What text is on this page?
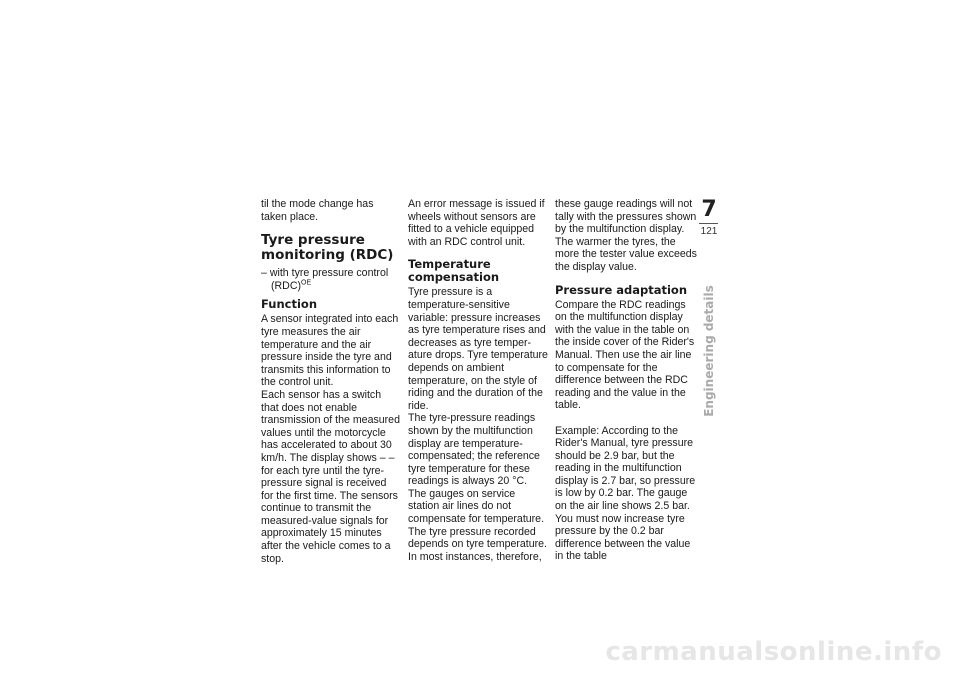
til the mode change has taken place.

Tyre pressure monitoring (RDC)

– with tyre pressure control (RDC)$^{OE}$

Function

A sensor integrated into each tyre measures the air temperature and the air pressure inside the tyre and transmits this information to the control unit.

Each sensor has a switch that does not enable transmission of the measured values until the motorcycle has accelerated to about 30 km/h. The display shows – – for each tyre until the tyre-pressure signal is received for the first time. The sensors continue to transmit the measured-value signals for approximately 15 minutes after the vehicle comes to a stop.

An error message is issued if wheels without sensors are fitted to a vehicle equipped with an RDC control unit.

Temperature compensation

Tyre pressure is a temperature-sensitive variable: pressure increases as tyre temperature rises and decreases as tyre temperature drops. Tyre temperature depends on ambient temperature, on the style of riding and the duration of the ride.

The tyre-pressure readings shown by the multifunction display are temperature-compensated; the reference tyre temperature for these readings is always 20 °C. The gauges on service station air lines do not compensate for temperature. The tyre pressure recorded depends on tyre temperature. In most instances, therefore,

these gauge readings will not tally with the pressures shown by the multifunction display. The warmer the tyres, the more the tester value exceeds the display value.

Pressure adaptation

Compare the RDC readings on the multifunction display with the value in the table on the inside cover of the Rider's Manual. Then use the air line to compensate for the difference between the RDC reading and the value in the table.

Example: According to the Rider's Manual, tyre pressure should be 2.9 bar, but the reading in the multifunction display is 2.7 bar, so pressure is low by 0.2 bar. The gauge on the air line shows 2.5 bar. You must now increase tyre pressure by the 0.2 bar difference between the value in the table

7
121
Engineering details
carmanualsonline.info
